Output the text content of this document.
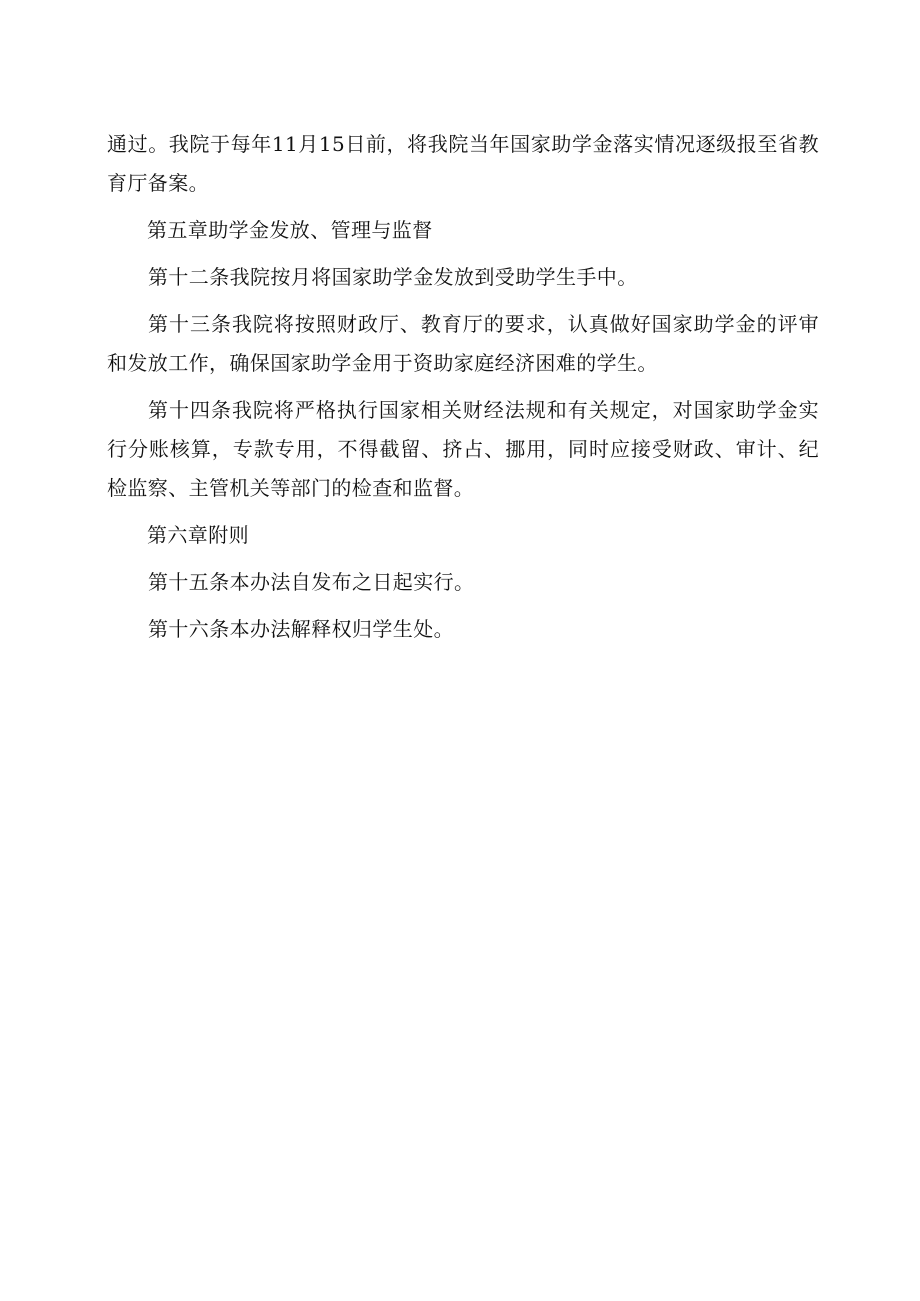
通过。我院于每年11月15日前，将我院当年国家助学金落实情况逐级报至省教育厅备案。

第五章助学金发放、管理与监督

第十二条我院按月将国家助学金发放到受助学生手中。

第十三条我院将按照财政厅、教育厅的要求，认真做好国家助学金的评审和发放工作，确保国家助学金用于资助家庭经济困难的学生。

第十四条我院将严格执行国家相关财经法规和有关规定，对国家助学金实行分账核算，专款专用，不得截留、挤占、挪用，同时应接受财政、审计、纪检监察、主管机关等部门的检查和监督。

第六章附则

第十五条本办法自发布之日起实行。

第十六条本办法解释权归学生处。
